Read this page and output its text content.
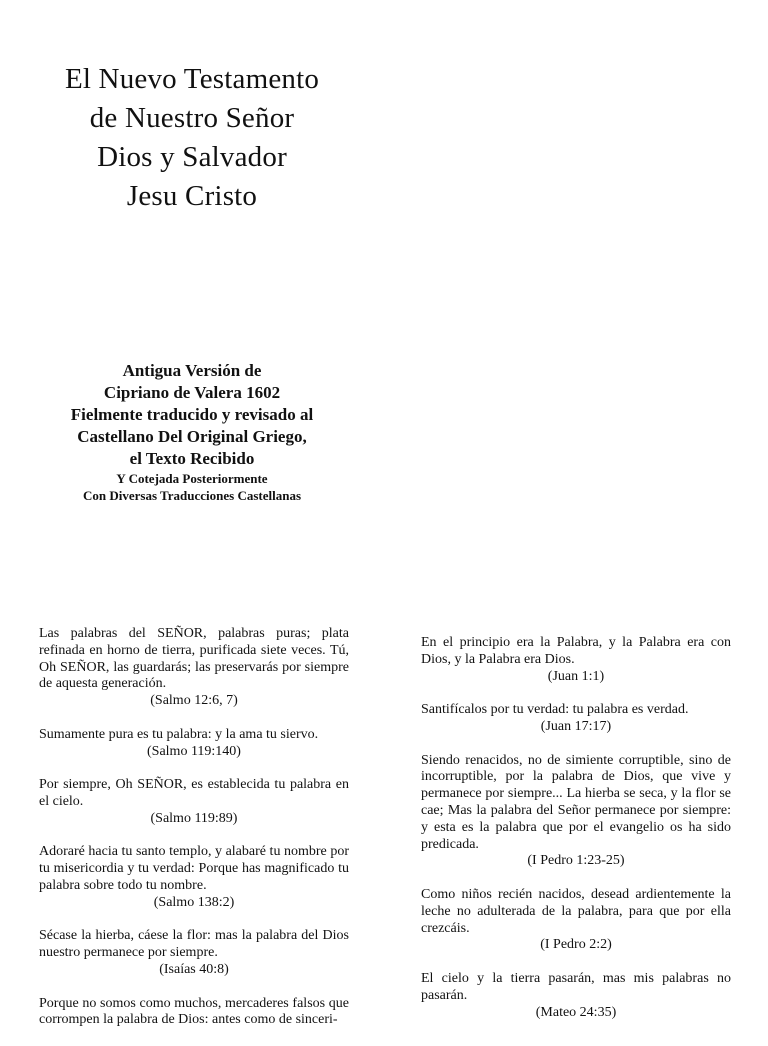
El Nuevo Testamento
de Nuestro Señor
Dios y Salvador
Jesu Cristo
Antigua Versión de
Cipriano de Valera 1602
Fielmente traducido y revisado al
Castellano Del Original Griego,
el Texto Recibido
Y Cotejada Posteriormente
Con Diversas Traducciones Castellanas
Las palabras del SEÑOR, palabras puras; plata refinada en horno de tierra, purificada siete veces. Tú, Oh SEÑOR, las guardarás; las preservarás por siempre de aquesta generación.
(Salmo 12:6, 7)
Sumamente pura es tu palabra: y la ama tu siervo.
(Salmo 119:140)
Por siempre, Oh SEÑOR, es establecida tu palabra en el cielo.
(Salmo 119:89)
Adoraré hacia tu santo templo, y alabaré tu nombre por tu misericordia y tu verdad: Porque has magnificado tu palabra sobre todo tu nombre.
(Salmo 138:2)
Sécase la hierba, cáese la flor: mas la palabra del Dios nuestro permanece por siempre.
(Isaías 40:8)
Porque no somos como muchos, mercaderes falsos que corrompen la palabra de Dios: antes como de sinceri-
En el principio era la Palabra, y la Palabra era con Dios, y la Palabra era Dios.
(Juan 1:1)
Santifícalos por tu verdad: tu palabra es verdad.
(Juan 17:17)
Siendo renacidos, no de simiente corruptible, sino de incorruptible, por la palabra de Dios, que vive y permanece por siempre... La hierba se seca, y la flor se cae; Mas la palabra del Señor permanece por siempre: y esta es la palabra que por el evangelio os ha sido predicada.
(I Pedro 1:23-25)
Como niños recién nacidos, desead ardientemente la leche no adulterada de la palabra, para que por ella crezcáis.
(I Pedro 2:2)
El cielo y la tierra pasarán, mas mis palabras no pasarán.
(Mateo 24:35)
